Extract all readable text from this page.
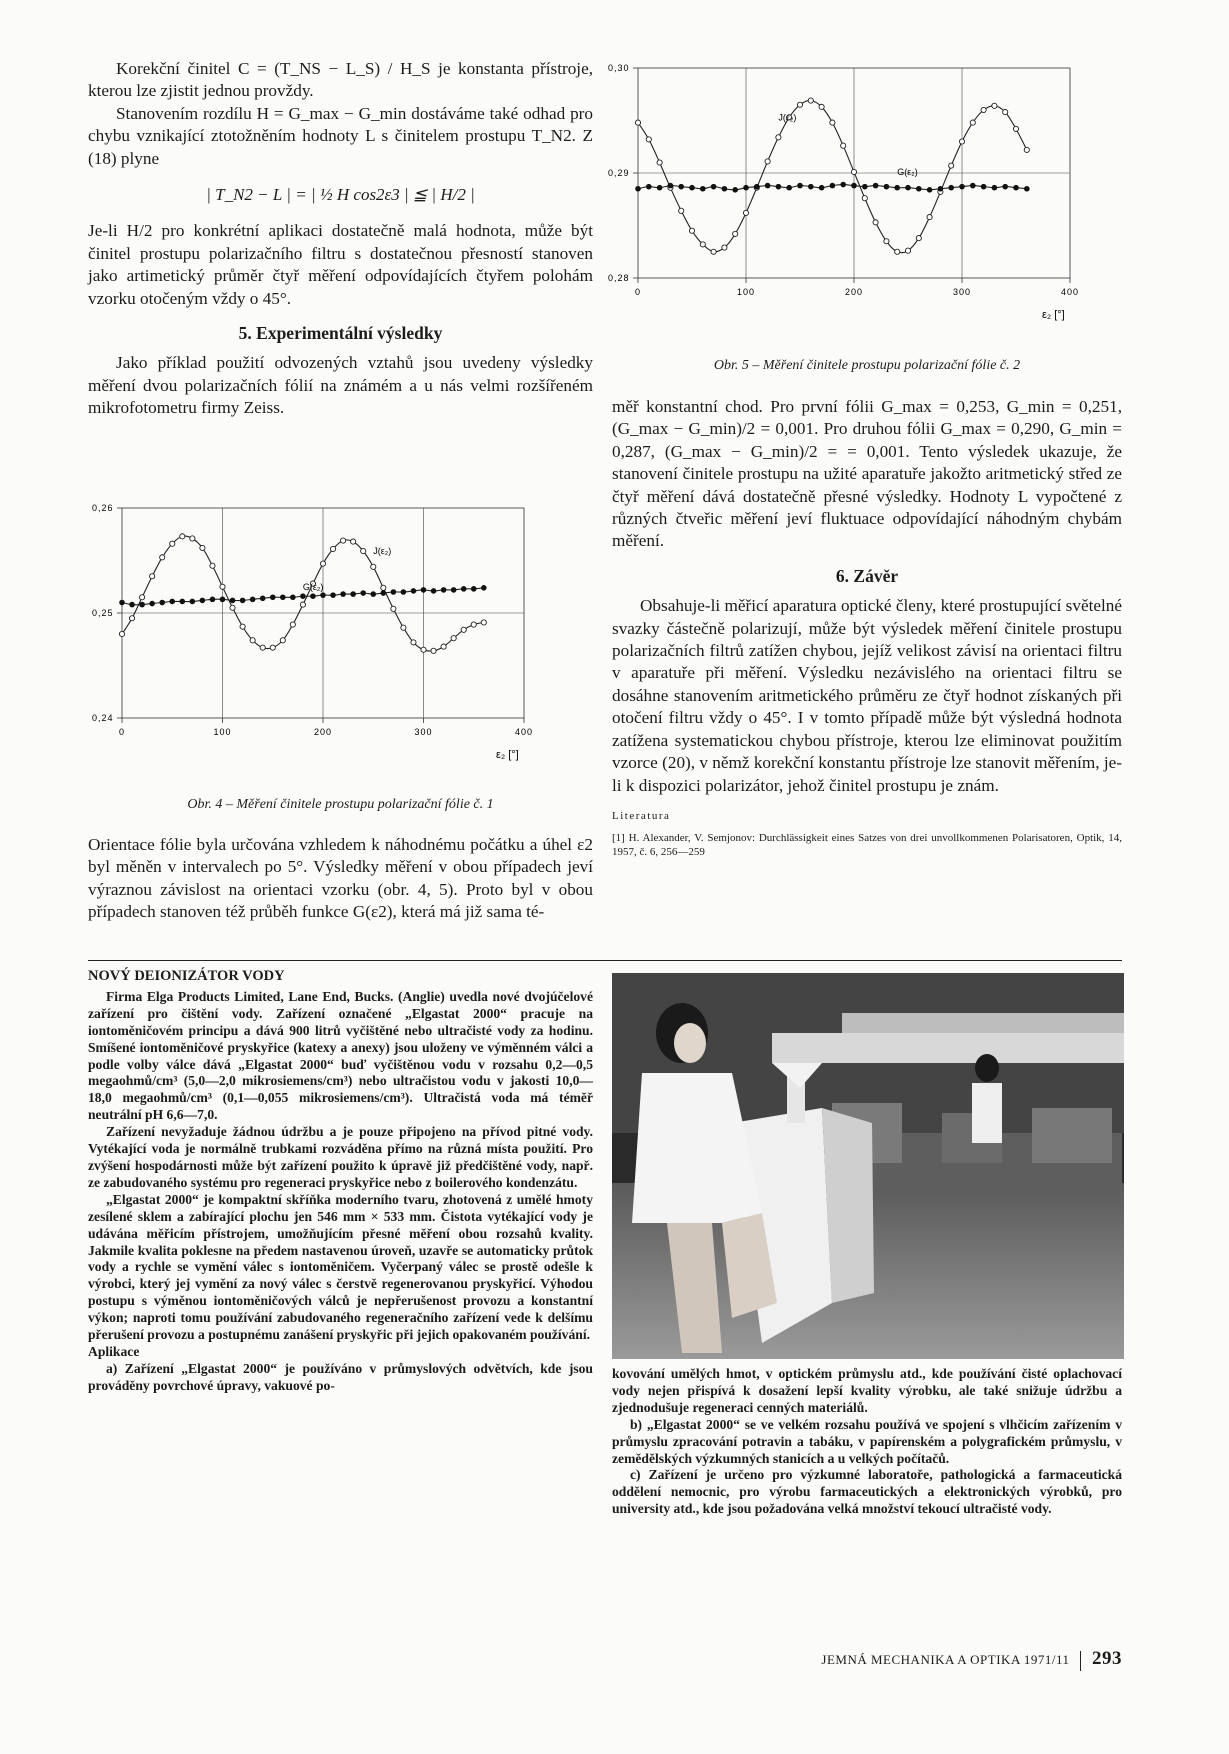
Korekční činitel C = (T_NS − L_S) / H_S je konstanta přístroje, kterou lze zjistit jednou provždy.

Stanovením rozdílu H = G_max − G_min dostáváme také odhad pro chybu vznikající ztotožněním hodnoty L s činitelem prostupu T_N2. Z (18) plyne

| T_N2 − L | = | ½ H cos2ε3 | ≦ | H/2 |

Je-li H/2 pro konkrétní aplikaci dostatečně malá hodnota, může být činitel prostupu polarizačního filtru s dostatečnou přesností stanoven jako artimetický průměr čtyř měření odpovídajících čtyřem polohám vzorku otočeným vždy o 45°.

5. Experimentální výsledky

Jako příklad použití odvozených vztahů jsou uvedeny výsledky měření dvou polarizačních fólií na známém a u nás velmi rozšířeném mikrofotometru firmy Zeiss.

0	100	200	300	400
0,24
0,25
0,26
ε₂ [°]
J(ε₂)
G(ε₂)
Obr. 4 – Měření činitele prostupu polarizační fólie č. 1

Orientace fólie byla určována vzhledem k náhodnému počátku a úhel ε2 byl měněn v intervalech po 5°. Výsledky měření v obou případech jeví výraznou závislost na orientaci vzorku (obr. 4, 5). Proto byl v obou případech stanoven též průběh funkce G(ε2), která má již sama té-

0	100	200	300	400
0,28
0,29
0,30
ε₂ [°]
J(ε₂)
G(ε₂)
Obr. 5 – Měření činitele prostupu polarizační fólie č. 2

měř konstantní chod. Pro první fólii G_max = 0,253, G_min = 0,251, (G_max − G_min)/2 = 0,001. Pro druhou fólii G_max = 0,290, G_min = 0,287, (G_max − G_min)/2 = = 0,001. Tento výsledek ukazuje, že stanovení činitele prostupu na užité aparatuře jakožto aritmetický střed ze čtyř měření dává dostatečně přesné výsledky. Hodnoty L vypočtené z různých čtveřic měření jeví fluktuace odpovídající náhodným chybám měření.

6. Závěr

Obsahuje-li měřicí aparatura optické členy, které prostupující světelné svazky částečně polarizují, může být výsledek měření činitele prostupu polarizačních filtrů zatížen chybou, jejíž velikost závisí na orientaci filtru v aparatuře při měření. Výsledku nezávislého na orientaci filtru se dosáhne stanovením aritmetického průměru ze čtyř hodnot získaných při otočení filtru vždy o 45°. I v tomto případě může být výsledná hodnota zatížena systematickou chybou přístroje, kterou lze eliminovat použitím vzorce (20), v němž korekční konstantu přístroje lze stanovit měřením, je-li k dispozici polarizátor, jehož činitel prostupu je znám.

Literatura
[1] H. Alexander, V. Semjonov: Durchlässigkeit eines Satzes von drei unvollkommenen Polarisatoren, Optik, 14, 1957, č. 6, 256—259
NOVÝ DEIONIZÁTOR VODY

Firma Elga Products Limited, Lane End, Bucks. (Anglie) uvedla nové dvojúčelové zařízení pro čištění vody. Zařízení označené „Elgastat 2000“ pracuje na iontoměničovém principu a dává 900 litrů vyčištěné nebo ultračisté vody za hodinu. Smíšené iontoměničové pryskyřice (katexy a anexy) jsou uloženy ve výměnném válci a podle volby válce dává „Elgastat 2000“ buď vyčištěnou vodu v rozsahu 0,2—0,5 megaohmů/cm³ (5,0—2,0 mikrosiemens/cm³) nebo ultračistou vodu v jakosti 10,0—18,0 megaohmů/cm³ (0,1—0,055 mikrosiemens/cm³). Ultračistá voda má téměř neutrální pH 6,6—7,0.

Zařízení nevyžaduje žádnou údržbu a je pouze připojeno na přívod pitné vody. Vytékající voda je normálně trubkami rozváděna přímo na různá místa použití. Pro zvýšení hospodárnosti může být zařízení použito k úpravě již předčištěné vody, např. ze zabudovaného systému pro regeneraci pryskyřice nebo z boilerového kondenzátu.

„Elgastat 2000“ je kompaktní skříňka moderního tvaru, zhotovená z umělé hmoty zesílené sklem a zabírající plochu jen 546 mm × 533 mm. Čistota vytékající vody je udávána měřicím přístrojem, umožňujícím přesné měření obou rozsahů kvality. Jakmile kvalita poklesne na předem nastavenou úroveň, uzavře se automaticky průtok vody a rychle se vymění válec s iontoměničem. Vyčerpaný válec se prostě odešle k výrobci, který jej vymění za nový válec s čerstvě regenerovanou pryskyřicí. Výhodou postupu s výměnou iontoměničových válců je nepřerušenost provozu a konstantní výkon; naproti tomu používání zabudovaného regeneračního zařízení vede k delšímu přerušení provozu a postupnému zanášení pryskyřic při jejich opakovaném používání.

Aplikace

a) Zařízení „Elgastat 2000“ je používáno v průmyslových odvětvích, kde jsou prováděny povrchové úpravy, vakuové po-

kovování umělých hmot, v optickém průmyslu atd., kde používání čisté oplachovací vody nejen přispívá k dosažení lepší kvality výrobku, ale také snižuje údržbu a zjednodušuje regeneraci cenných materiálů.

b) „Elgastat 2000“ se ve velkém rozsahu používá ve spojení s vlhčicím zařízením v průmyslu zpracování potravin a tabáku, v papírenském a polygrafickém průmyslu, v zemědělských výzkumných stanicích a u velkých počítačů.

c) Zařízení je určeno pro výzkumné laboratoře, pathologická a farmaceutická oddělení nemocnic, pro výrobu farmaceutických a elektronických výrobků, pro university atd., kde jsou požadována velká množství tekoucí ultračisté vody.

JEMNÁ MECHANIKA A OPTIKA 1971/11 293
